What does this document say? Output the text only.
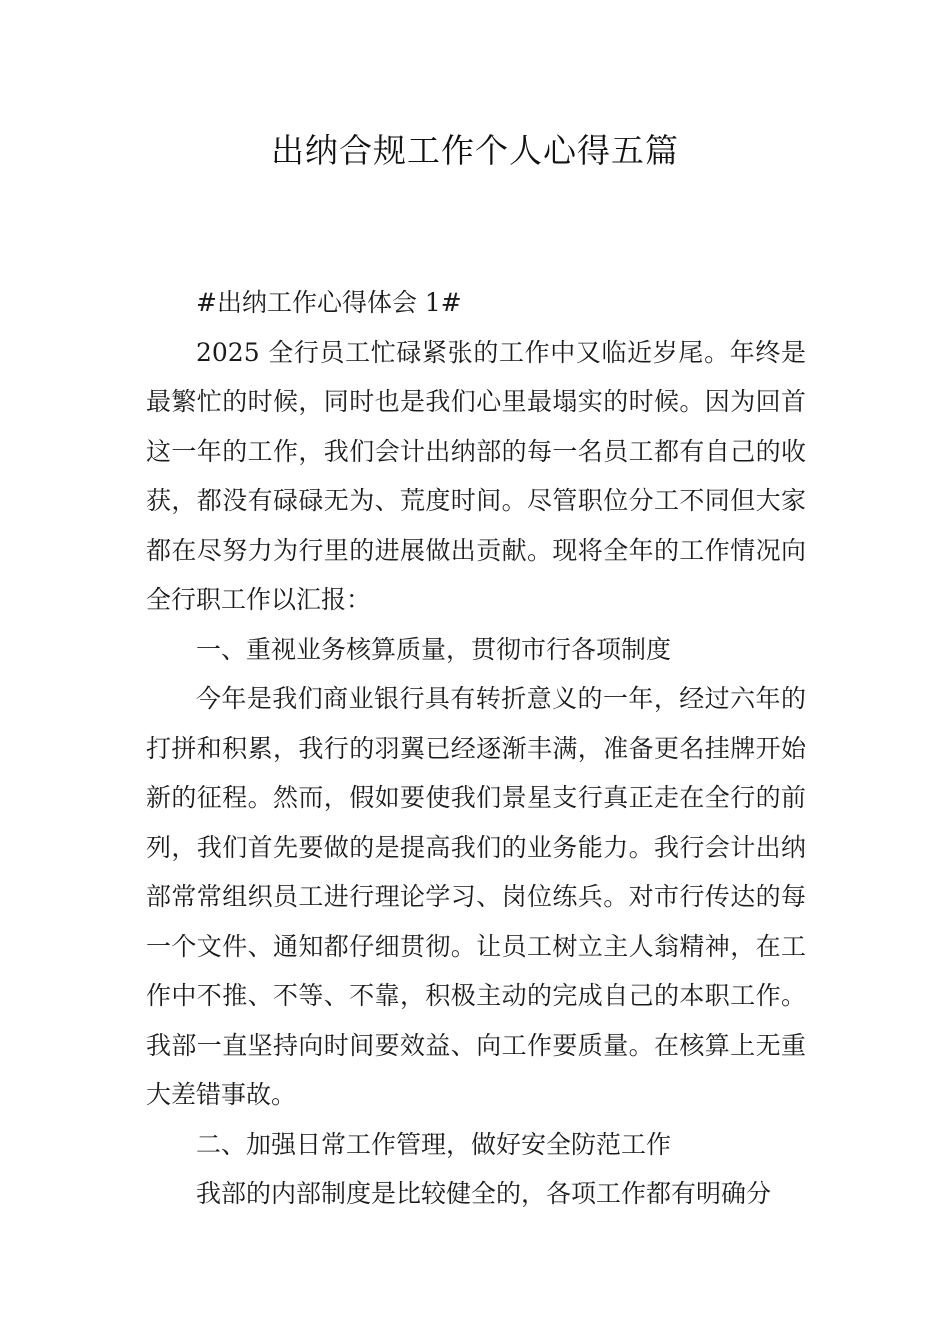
出纳合规工作个人心得五篇

#出纳工作心得体会 1#

2025 全行员工忙碌紧张的工作中又临近岁尾。年终是最繁忙的时候，同时也是我们心里最塌实的时候。因为回首这一年的工作，我们会计出纳部的每一名员工都有自己的收获，都没有碌碌无为、荒度时间。尽管职位分工不同但大家都在尽努力为行里的进展做出贡献。现将全年的工作情况向全行职工作以汇报：

一、重视业务核算质量，贯彻市行各项制度

今年是我们商业银行具有转折意义的一年，经过六年的打拼和积累，我行的羽翼已经逐渐丰满，准备更名挂牌开始新的征程。然而，假如要使我们景星支行真正走在全行的前列，我们首先要做的是提高我们的业务能力。我行会计出纳部常常组织员工进行理论学习、岗位练兵。对市行传达的每一个文件、通知都仔细贯彻。让员工树立主人翁精神，在工作中不推、不等、不靠，积极主动的完成自己的本职工作。我部一直坚持向时间要效益、向工作要质量。在核算上无重大差错事故。

二、加强日常工作管理，做好安全防范工作

我部的内部制度是比较健全的，各项工作都有明确分
